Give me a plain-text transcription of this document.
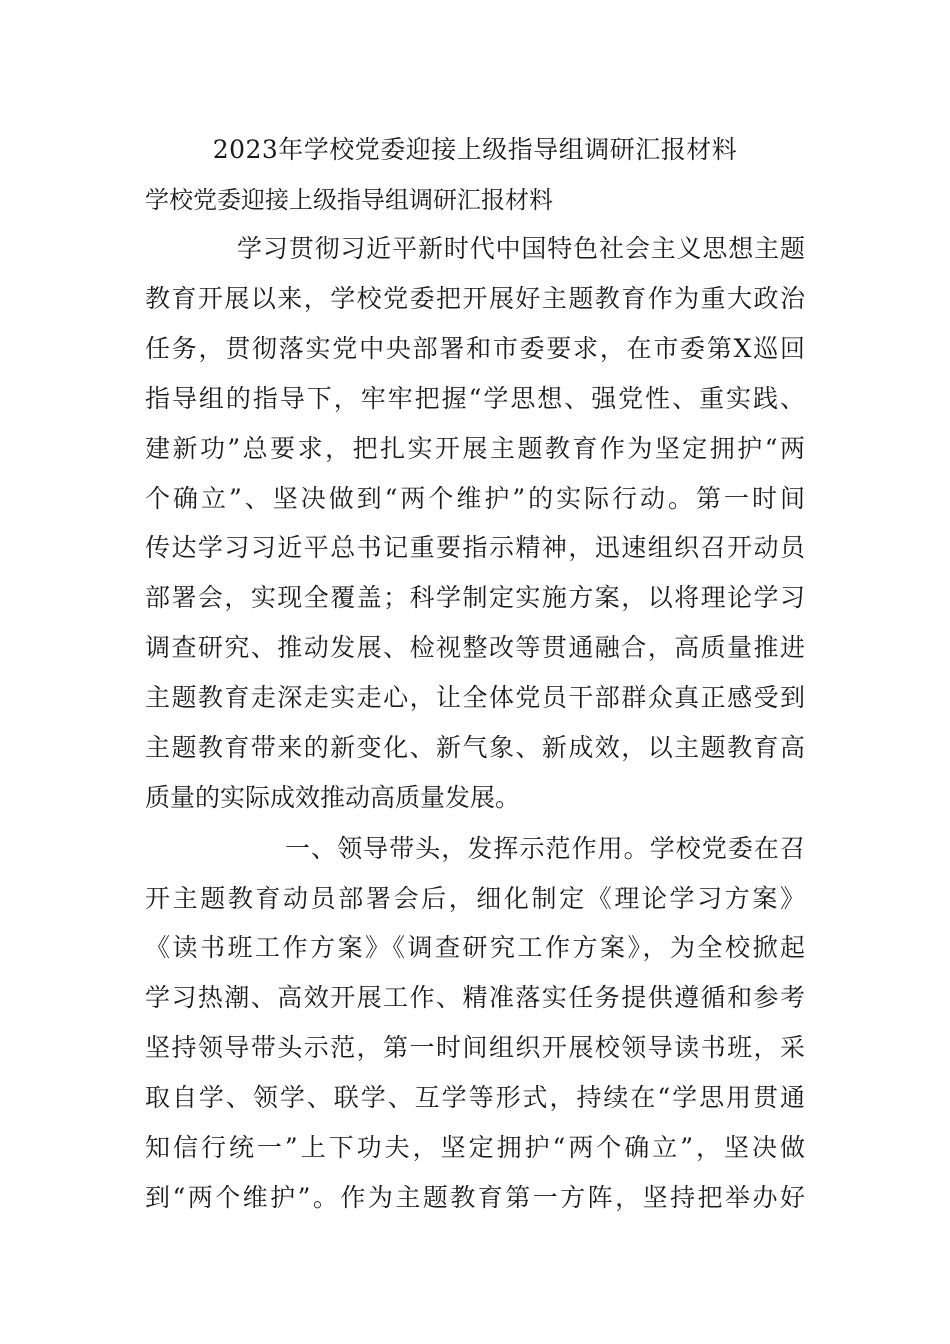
2023年学校党委迎接上级指导组调研汇报材料
学校党委迎接上级指导组调研汇报材料
学习贯彻习近平新时代中国特色社会主义思想主题
教育开展以来，学校党委把开展好主题教育作为重大政治
任务，贯彻落实党中央部署和市委要求，在市委第X巡回
指导组的指导下，牢牢把握“学思想、强党性、重实践、
建新功”总要求，把扎实开展主题教育作为坚定拥护“两
个确立”、坚决做到“两个维护”的实际行动。第一时间
传达学习习近平总书记重要指示精神，迅速组织召开动员
部署会，实现全覆盖；科学制定实施方案，以将理论学习
调查研究、推动发展、检视整改等贯通融合，高质量推进
主题教育走深走实走心，让全体党员干部群众真正感受到
主题教育带来的新变化、新气象、新成效，以主题教育高
质量的实际成效推动高质量发展。
一、领导带头，发挥示范作用。学校党委在召
开主题教育动员部署会后，细化制定《理论学习方案》
《读书班工作方案》《调查研究工作方案》，为全校掀起
学习热潮、高效开展工作、精准落实任务提供遵循和参考
坚持领导带头示范，第一时间组织开展校领导读书班，采
取自学、领学、联学、互学等形式，持续在“学思用贯通
知信行统一”上下功夫，坚定拥护“两个确立”，坚决做
到“两个维护”。作为主题教育第一方阵，坚持把举办好
